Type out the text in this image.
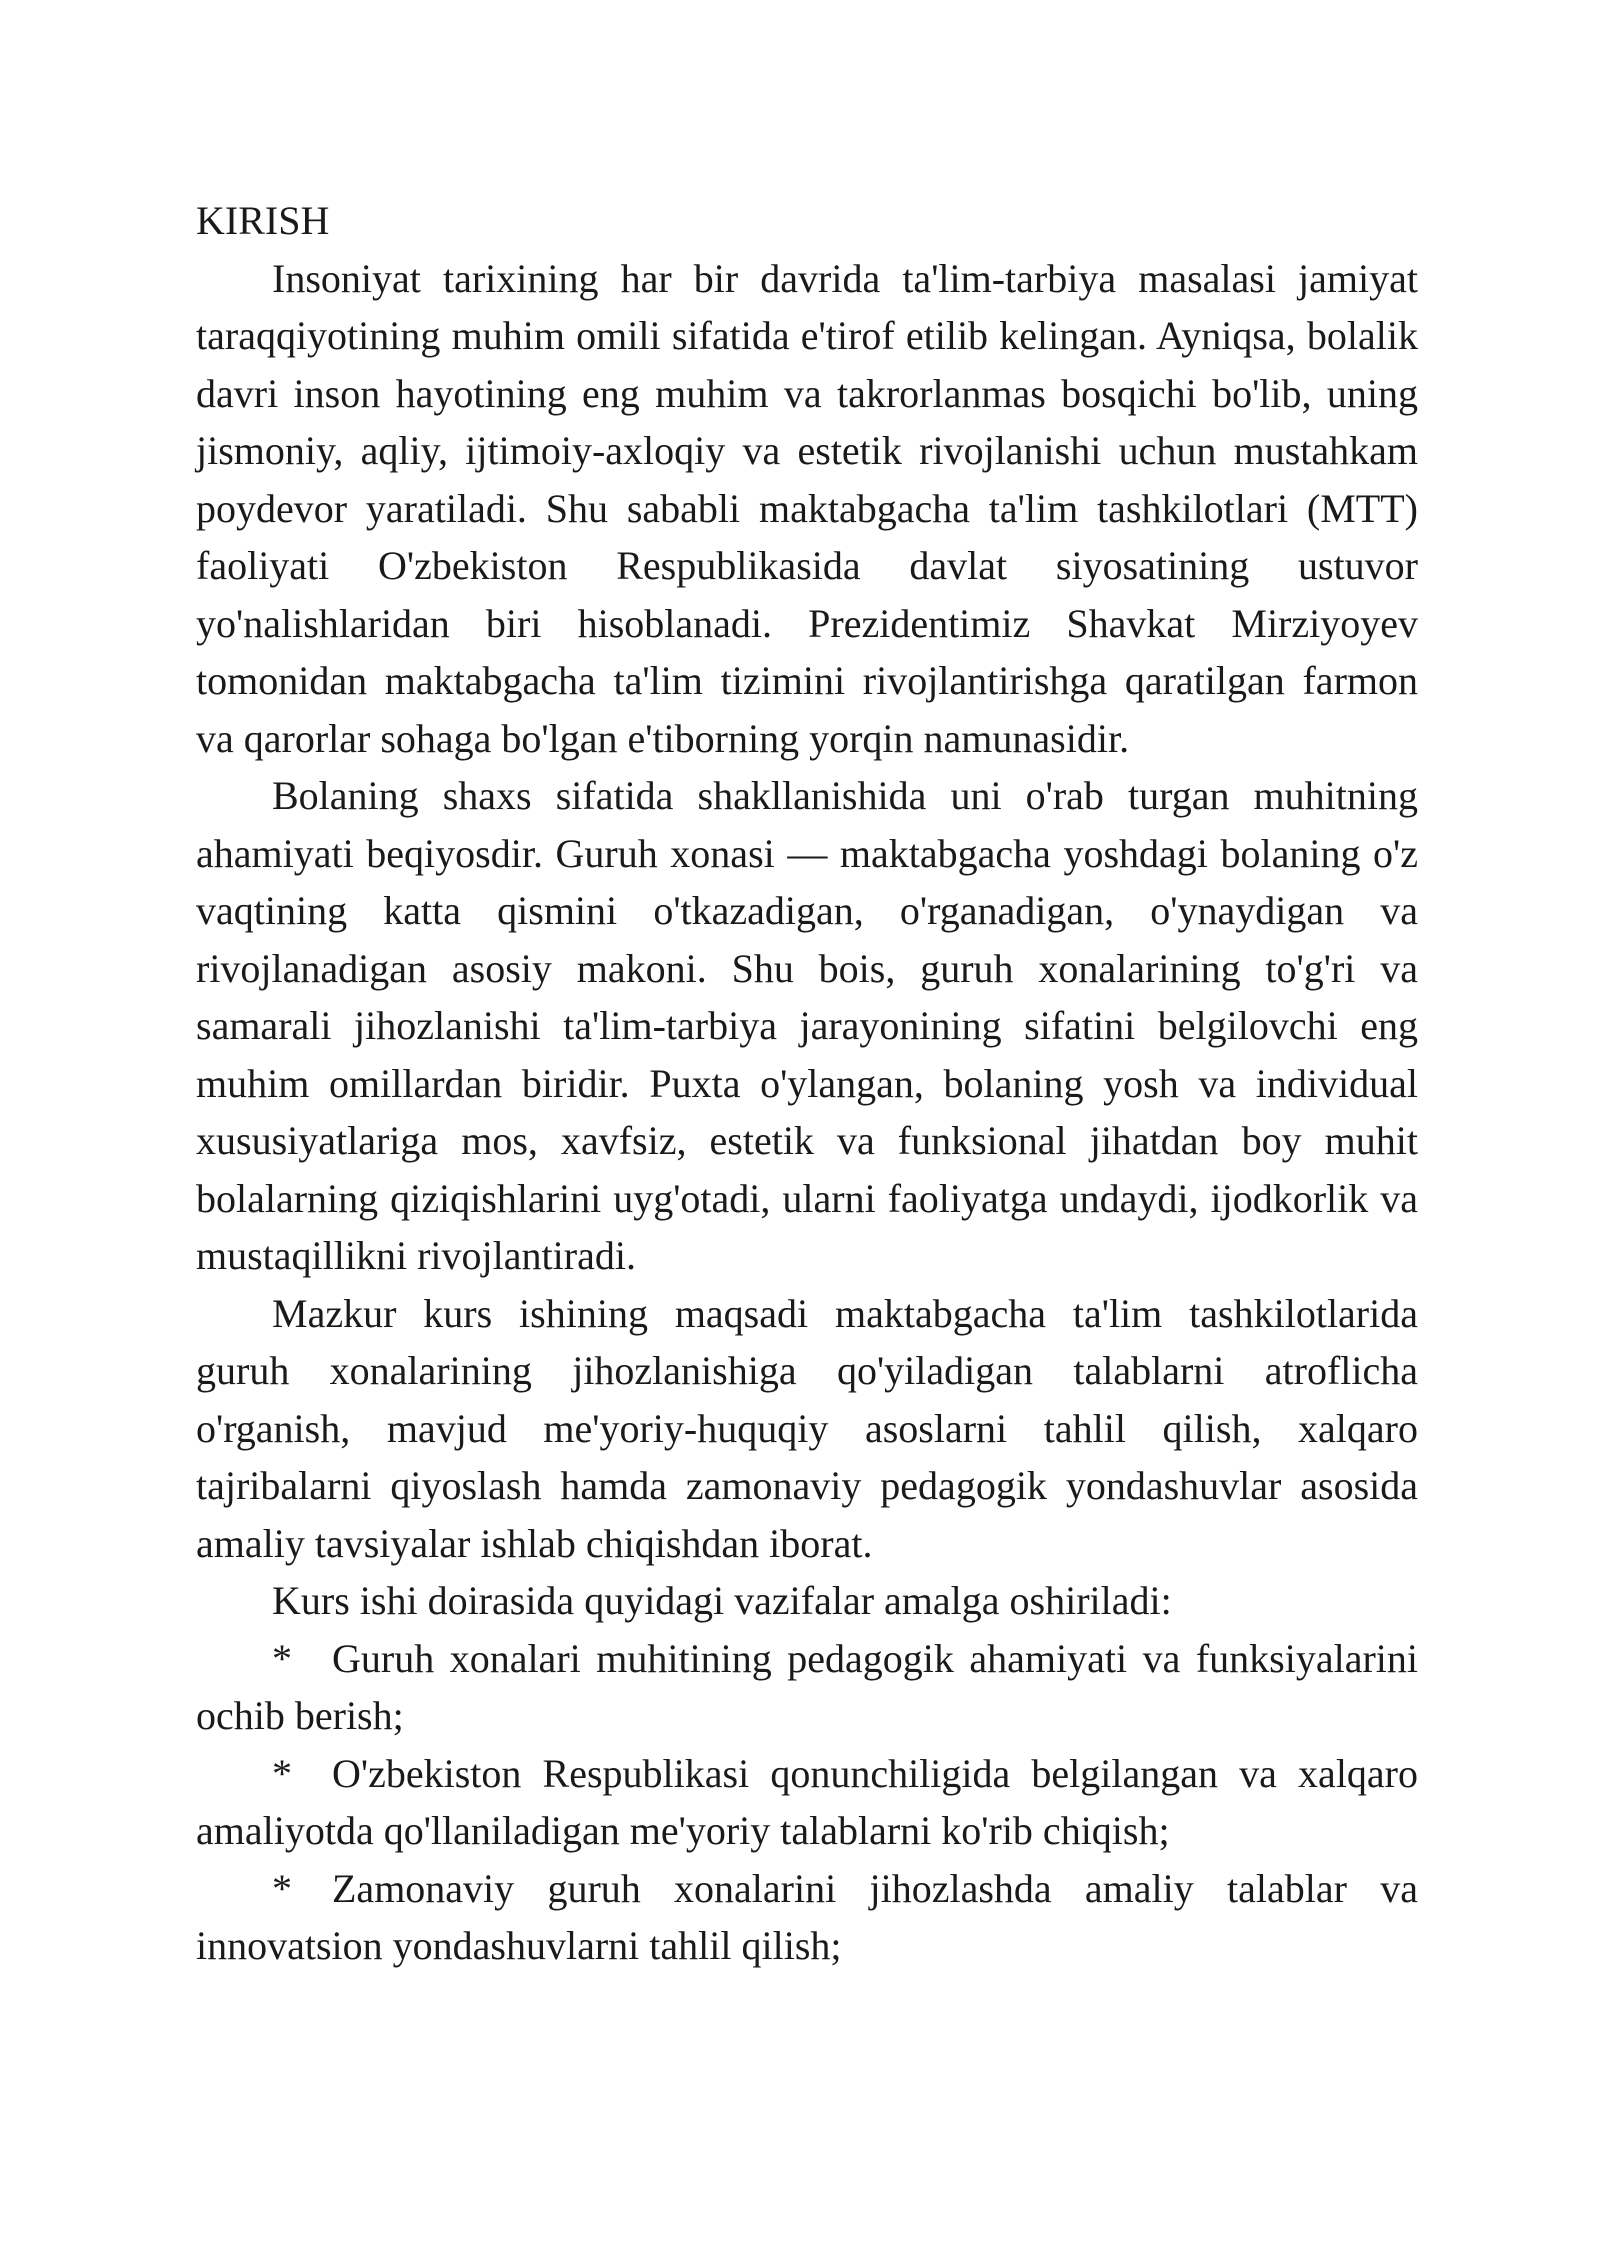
KIRISH

Insoniyat tarixining har bir davrida ta'lim-tarbiya masalasi jamiyat taraqqiyotining muhim omili sifatida e'tirof etilib kelingan. Ayniqsa, bolalik davri inson hayotining eng muhim va takrorlanmas bosqichi bo'lib, uning jismoniy, aqliy, ijtimoiy-axloqiy va estetik rivojlanishi uchun mustahkam poydevor yaratiladi. Shu sababli maktabgacha ta'lim tashkilotlari (MTT) faoliyati O'zbekiston Respublikasida davlat siyosatining ustuvor yo'nalishlaridan biri hisoblanadi. Prezidentimiz Shavkat Mirziyoyev tomonidan maktabgacha ta'lim tizimini rivojlantirishga qaratilgan farmon va qarorlar sohaga bo'lgan e'tiborning yorqin namunasidir.

Bolaning shaxs sifatida shakllanishida uni o'rab turgan muhitning ahamiyati beqiyosdir. Guruh xonasi — maktabgacha yoshdagi bolaning o'z vaqtining katta qismini o'tkazadigan, o'rganadigan, o'ynaydigan va rivojlanadigan asosiy makoni. Shu bois, guruh xonalarining to'g'ri va samarali jihozlanishi ta'lim-tarbiya jarayonining sifatini belgilovchi eng muhim omillardan biridir. Puxta o'ylangan, bolaning yosh va individual xususiyatlariga mos, xavfsiz, estetik va funksional jihatdan boy muhit bolalarning qiziqishlarini uyg'otadi, ularni faoliyatga undaydi, ijodkorlik va mustaqillikni rivojlantiradi.

Mazkur kurs ishining maqsadi maktabgacha ta'lim tashkilotlarida guruh xonalarining jihozlanishiga qo'yiladigan talablarni atroflicha o'rganish, mavjud me'yoriy-huquqiy asoslarni tahlil qilish, xalqaro tajribalarni qiyoslash hamda zamonaviy pedagogik yondashuvlar asosida amaliy tavsiyalar ishlab chiqishdan iborat.

Kurs ishi doirasida quyidagi vazifalar amalga oshiriladi:

* Guruh xonalari muhitining pedagogik ahamiyati va funksiyalarini ochib berish;

* O'zbekiston Respublikasi qonunchiligida belgilangan va xalqaro amaliyotda qo'llaniladigan me'yoriy talablarni ko'rib chiqish;

* Zamonaviy guruh xonalarini jihozlashda amaliy talablar va innovatsion yondashuvlarni tahlil qilish;
